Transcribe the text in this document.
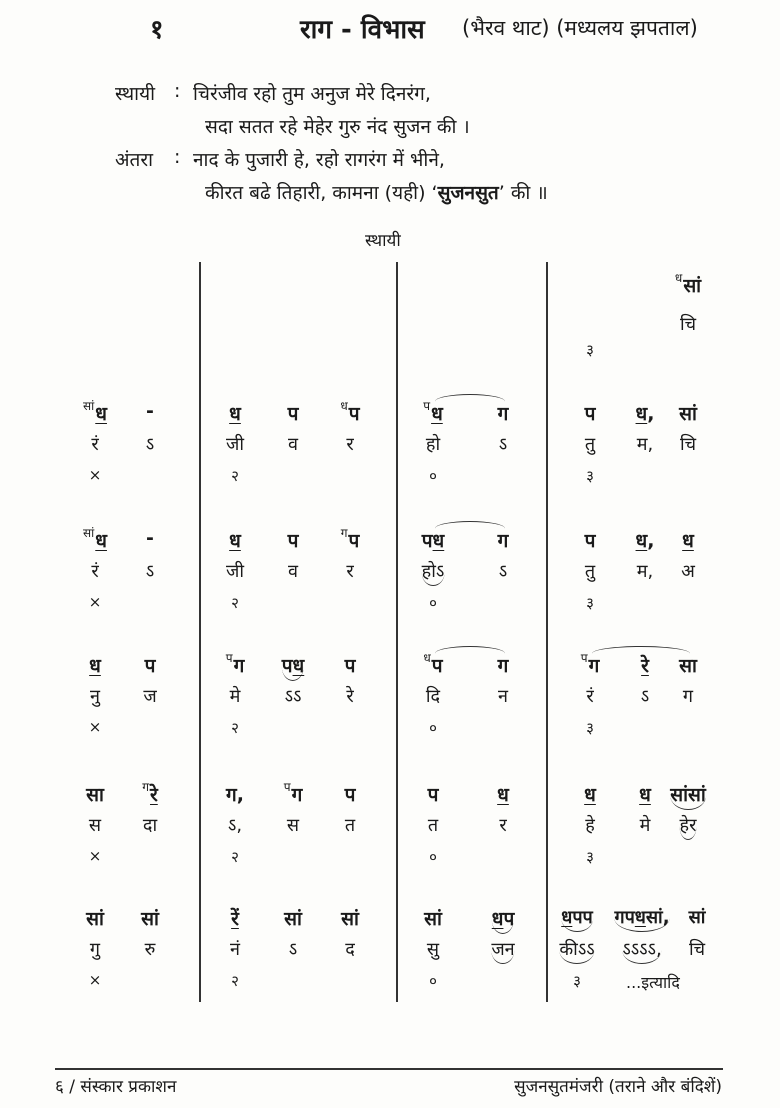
१	राग - विभास (भैरव थाट) (मध्यलय झपताल)
स्थायी : चिरंजीव रहो तुम अनुज मेरे दिनरंग,
सदा सतत रहे मेहेर गुरु नंद सुजन की ।
अंतरा : नाद के पुजारी हे, रहो रागरंग में भीने,
कीरत बढे तिहारी, कामना (यही) ‘सुजनसुत’ की ॥
स्थायी
३
$^ध$सां
चि
$^{सां}$ध
रं
×
-
ऽ
ध
जी
२
प
व
$^ध$प
र
$^प$ध
हो
०
ग
ऽ
प
तु
३
ध,
म,
सां
चि
$^{सां}$ध
रं
×
-
ऽ
ध
जी
२
प
व
$^ग$प
र
पध
होऽ
०
ग
ऽ
प
तु
३
ध,
म,
ध
अ
ध
नु
×
प
ज
$^प$ग
मे
२
पध
ऽऽ
प
रे
$^ध$प
दि
०
ग
न
$^प$ग
रं
३
रे
ऽ
सा
ग
सा
स
×
$^ग$रे
दा
ग,
ऽ,
२
$^प$ग
स
प
त
प
त
०
ध
र
ध
हे
३
ध
मे
सांसां
हेर
सां
गु
×
सां
रु
रें
नं
२
सां
ऽ
सां
द
सां
सु
०
धप
जन
धपप
कीऽऽ
३
गपधसां,
ऽऽऽऽ,
सां
चि
...इत्यादि
६ / संस्कार प्रकाशन	सुजनसुतमंजरी (तराने और बंदिशें)
